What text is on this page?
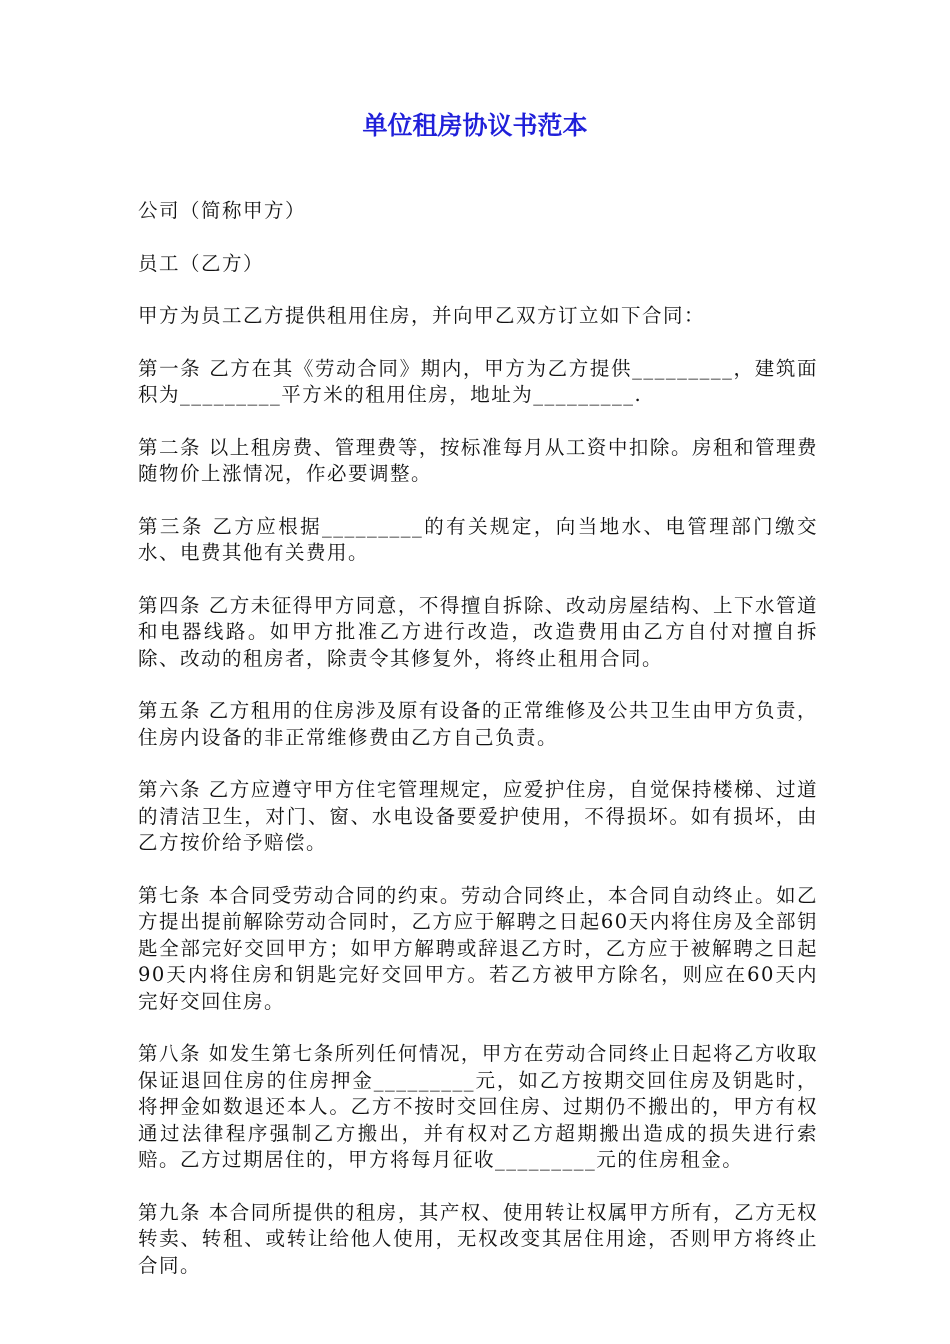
单位租房协议书范本

公司（简称甲方）

员工（乙方）

甲方为员工乙方提供租用住房，并向甲乙双方订立如下合同：

第一条 乙方在其《劳动合同》期内，甲方为乙方提供_________，建筑面积为_________平方米的租用住房，地址为_________.

第二条 以上租房费、管理费等，按标准每月从工资中扣除。房租和管理费随物价上涨情况，作必要调整。

第三条 乙方应根据_________的有关规定，向当地水、电管理部门缴交水、电费其他有关费用。

第四条 乙方未征得甲方同意，不得擅自拆除、改动房屋结构、上下水管道和电器线路。如甲方批准乙方进行改造，改造费用由乙方自付对擅自拆除、改动的租房者，除责令其修复外，将终止租用合同。

第五条 乙方租用的住房涉及原有设备的正常维修及公共卫生由甲方负责，住房内设备的非正常维修费由乙方自己负责。

第六条 乙方应遵守甲方住宅管理规定，应爱护住房，自觉保持楼梯、过道的清洁卫生，对门、窗、水电设备要爱护使用，不得损坏。如有损坏，由乙方按价给予赔偿。

第七条 本合同受劳动合同的约束。劳动合同终止，本合同自动终止。如乙方提出提前解除劳动合同时，乙方应于解聘之日起60天内将住房及全部钥匙全部完好交回甲方；如甲方解聘或辞退乙方时，乙方应于被解聘之日起90天内将住房和钥匙完好交回甲方。若乙方被甲方除名，则应在60天内完好交回住房。

第八条 如发生第七条所列任何情况，甲方在劳动合同终止日起将乙方收取保证退回住房的住房押金_________元，如乙方按期交回住房及钥匙时，将押金如数退还本人。乙方不按时交回住房、过期仍不搬出的，甲方有权通过法律程序强制乙方搬出，并有权对乙方超期搬出造成的损失进行索赔。乙方过期居住的，甲方将每月征收_________元的住房租金。

第九条 本合同所提供的租房，其产权、使用转让权属甲方所有，乙方无权转卖、转租、或转让给他人使用，无权改变其居住用途，否则甲方将终止合同。
